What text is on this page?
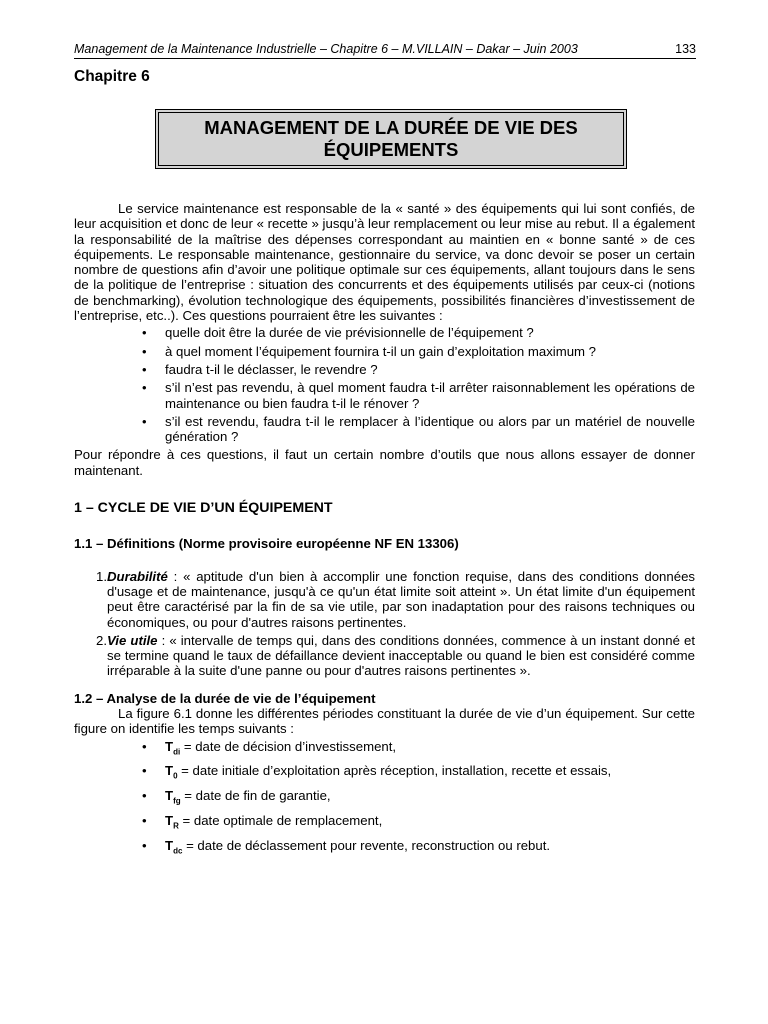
Management de la Maintenance Industrielle – Chapitre 6 – M.VILLAIN – Dakar – Juin 2003	133
Chapitre 6
MANAGEMENT DE LA DURÉE DE VIE DES
ÉQUIPEMENTS

Le service maintenance est responsable de la « santé » des équipements qui lui sont confiés, de leur acquisition et donc de leur « recette » jusqu’à leur remplacement ou leur mise au rebut. Il a également la responsabilité de la maîtrise des dépenses correspondant au maintien en « bonne santé » de ces équipements. Le responsable maintenance, gestionnaire du service, va donc devoir se poser un certain nombre de questions afin d’avoir une politique optimale sur ces équipements, allant toujours dans le sens de la politique de l’entreprise : situation des concurrents et des équipements utilisés par ceux-ci (notions de benchmarking), évolution technologique des équipements, possibilités financières d’investissement de l’entreprise, etc..). Ces questions pourraient être les suivantes :

• quelle doit être la durée de vie prévisionnelle de l’équipement ?
• à quel moment l’équipement fournira t-il un gain d’exploitation maximum ?
• faudra t-il le déclasser, le revendre ?
• s’il n’est pas revendu, à quel moment faudra t-il arrêter raisonnablement les opérations de maintenance ou bien faudra t-il le rénover ?
• s’il est revendu, faudra t-il le remplacer à l’identique ou alors par un matériel de nouvelle génération ?

Pour répondre à ces questions, il faut un certain nombre d’outils que nous allons essayer de donner maintenant.

1 – CYCLE DE VIE D’UN ÉQUIPEMENT
1.1 – Définitions (Norme provisoire européenne NF EN 13306)
1. Durabilité : « aptitude d'un bien à accomplir une fonction requise, dans des conditions données d'usage et de maintenance, jusqu'à ce qu'un état limite soit atteint ». Un état limite d'un équipement peut être caractérisé par la fin de sa vie utile, par son inadaptation pour des raisons techniques ou économiques, ou pour d'autres raisons pertinentes.
2. Vie utile : « intervalle de temps qui, dans des conditions données, commence à un instant donné et se termine quand le taux de défaillance devient inacceptable ou quand le bien est considéré comme irréparable à la suite d'une panne ou pour d'autres raisons pertinentes ».
1.2 – Analyse de la durée de vie de l’équipement

La figure 6.1 donne les différentes périodes constituant la durée de vie d’un équipement. Sur cette figure on identifie les temps suivants :

• $T_{di}$ = date de décision d’investissement,
• $T_0$ = date initiale d’exploitation après réception, installation, recette et essais,
• $T_{fg}$ = date de fin de garantie,
• $T_R$ = date optimale de remplacement,
• $T_{dc}$ = date de déclassement pour revente, reconstruction ou rebut.
